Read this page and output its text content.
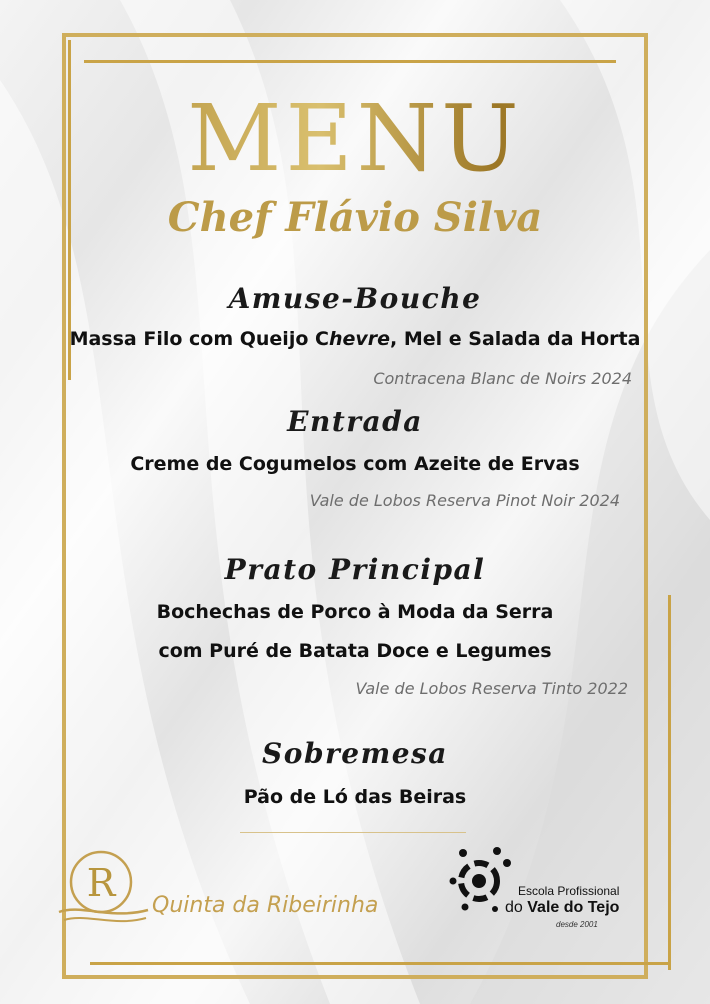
MENU
Chef Flávio Silva
Amuse-Bouche
Massa Filo com Queijo Chevre, Mel e Salada da Horta
Contracena Blanc de Noirs 2024
Entrada
Creme de Cogumelos com Azeite de Ervas
Vale de Lobos Reserva Pinot Noir 2024
Prato Principal
Bochechas de Porco à Moda da Serra
com Puré de Batata Doce e Legumes
Vale de Lobos Reserva Tinto 2022
Sobremesa
Pão de Ló das Beiras
R
Quinta da Ribeirinha
Escola Profissional
do Vale do Tejo
desde 2001
